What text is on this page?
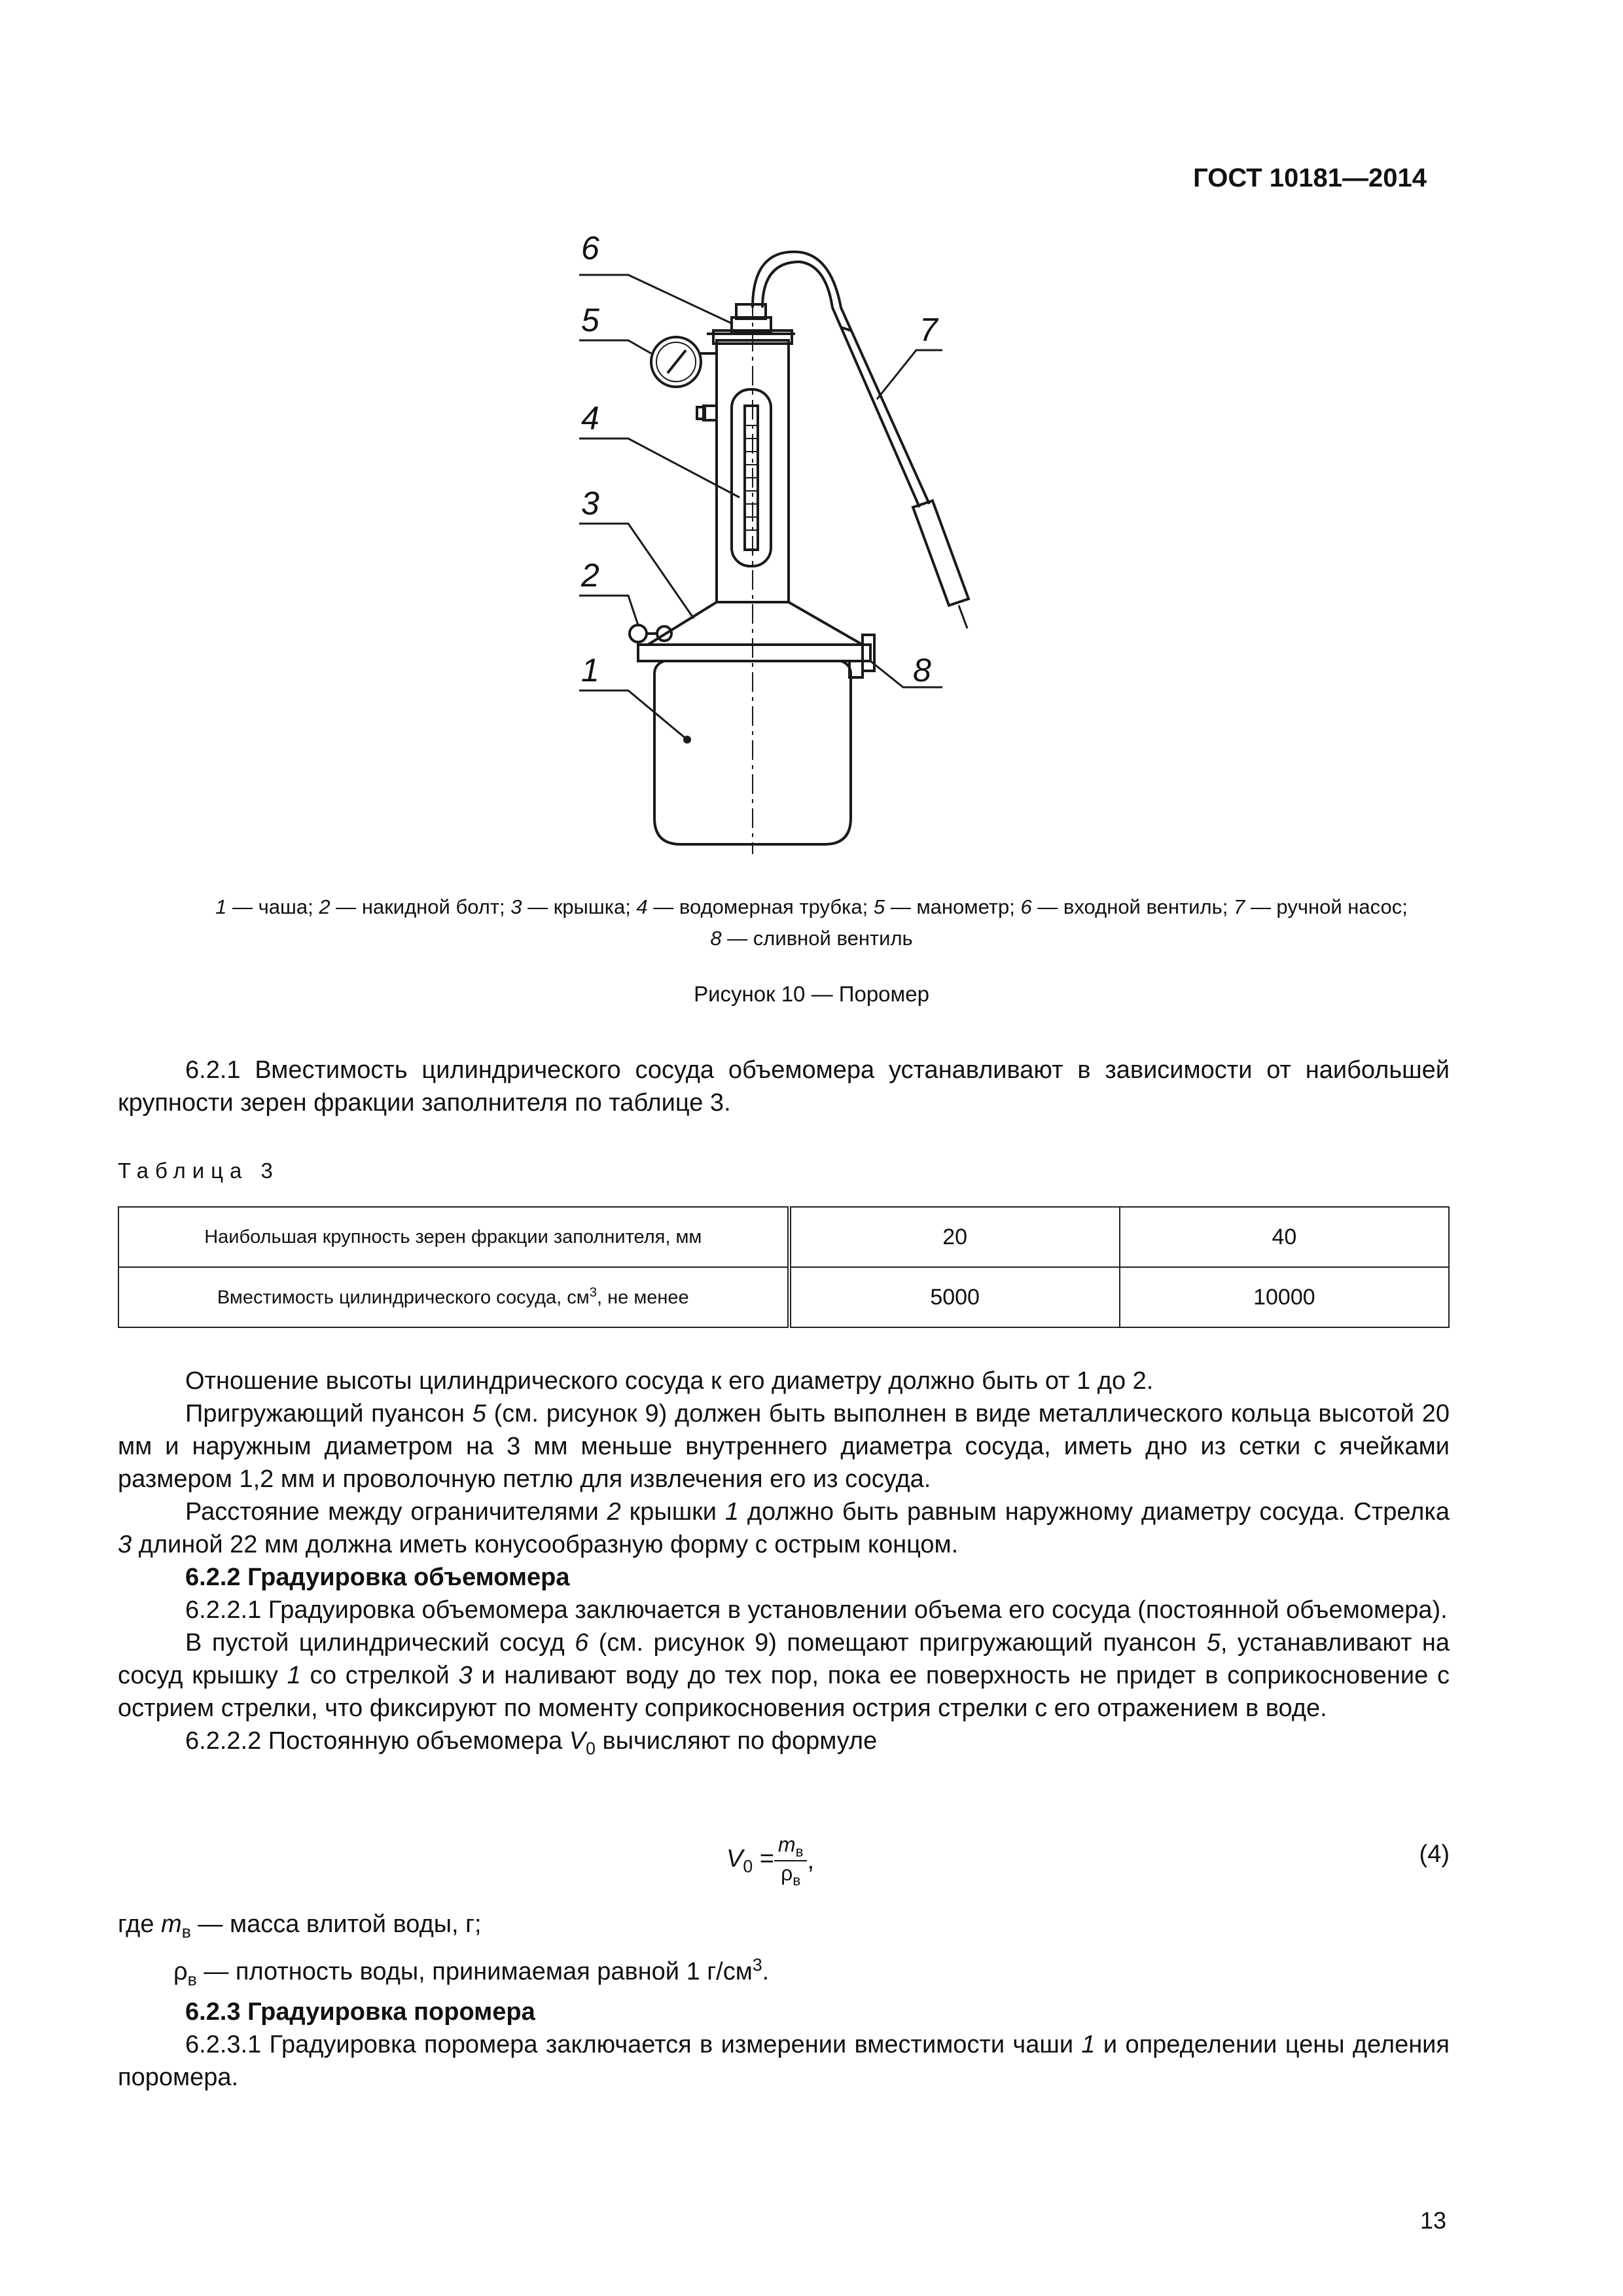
ГОСТ 10181—2014
6
5
4
3
2
1
7
8
1 — чаша; 2 — накидной болт; 3 — крышка; 4 — водомерная трубка; 5 — манометр; 6 — входной вентиль; 7 — ручной насос;
8 — сливной вентиль
Рисунок 10 — Поромер

6.2.1 Вместимость цилиндрического сосуда объемомера устанавливают в зависимости от наибольшей крупности зерен фракции заполнителя по таблице 3.

Таблица 3
Наибольшая крупность зерен фракции заполнителя, мм	20	40
Вместимость цилиндрического сосуда, $см^3$, не менее	5000	10000

Отношение высоты цилиндрического сосуда к его диаметру должно быть от 1 до 2.

Пригружающий пуансон 5 (см. рисунок 9) должен быть выполнен в виде металлического кольца высотой 20 мм и наружным диаметром на 3 мм меньше внутреннего диаметра сосуда, иметь дно из сетки с ячейками размером 1,2 мм и проволочную петлю для извлечения его из сосуда.

Расстояние между ограничителями 2 крышки 1 должно быть равным наружному диаметру сосуда. Стрелка 3 длиной 22 мм должна иметь конусообразную форму с острым концом.

6.2.2 Градуировка объемомера

6.2.2.1 Градуировка объемомера заключается в установлении объема его сосуда (постоянной объемомера).

В пустой цилиндрический сосуд 6 (см. рисунок 9) помещают пригружающий пуансон 5, устанавливают на сосуд крышку 1 со стрелкой 3 и наливают воду до тех пор, пока ее поверхность не придет в соприкосновение с острием стрелки, что фиксируют по моменту соприкосновения острия стрелки с его отражением в воде.

6.2.2.2 Постоянную объемомера $V_0$ вычисляют по формуле

$V_0$ =
$m_в$
$\rho_в$
,	(4)

где $m_в$ — масса влитой воды, г;

$\rho_в$ — плотность воды, принимаемая равной 1 $г/см^3$.

6.2.3 Градуировка поромера

6.2.3.1 Градуировка поромера заключается в измерении вместимости чаши 1 и определении цены деления поромера.

13
